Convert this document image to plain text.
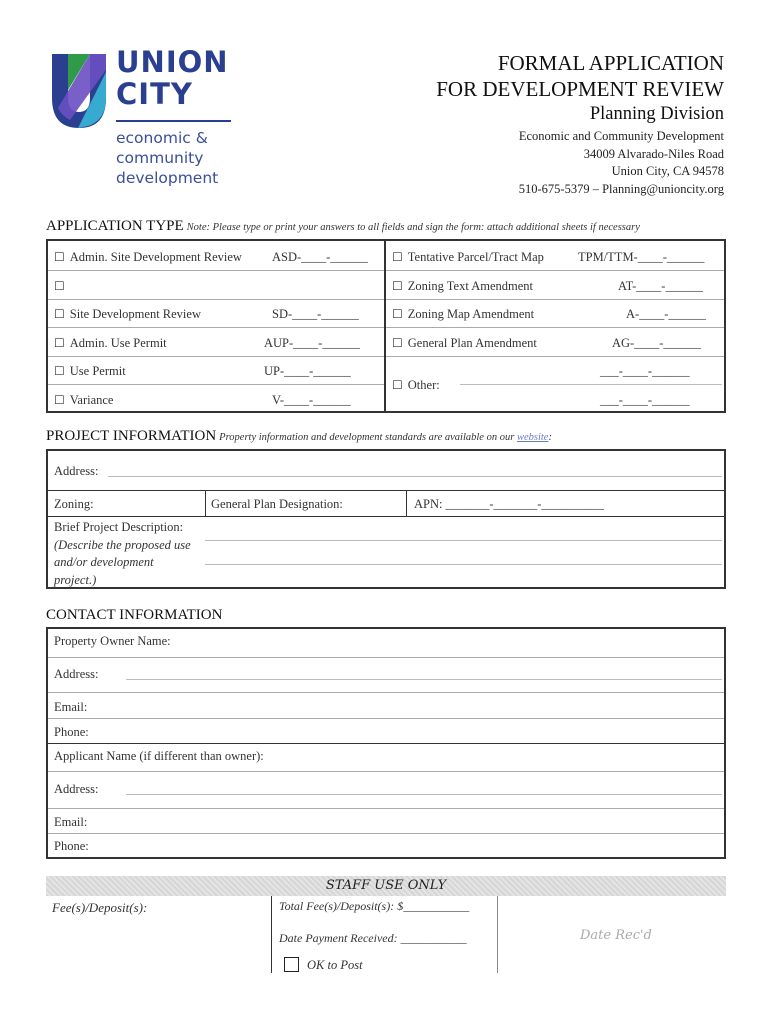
UNION
CITY
economic &
community
development
FORMAL APPLICATION
FOR DEVELOPMENT REVIEW
Planning Division
Economic and Community Development
34009 Alvarado-Niles Road
Union City, CA 94578
510-675-5379 – Planning@unioncity.org
APPLICATION TYPE Note: Please type or print your answers to all fields and sign the form: attach additional sheets if necessary
☐ Admin. Site Development Review ASD-____-______
☐
☐ Site Development Review	SD-____-______
☐ Admin. Use Permit	AUP-____-______
☐ Use Permit	UP-____-______
☐ Variance	V-____-______
☐ Tentative Parcel/Tract Map	TPM/TTM-____-______
☐ Zoning Text Amendment	AT-____-______
☐ Zoning Map Amendment	A-____-______
☐ General Plan Amendment	AG-____-______
☐ Other:
___-____-______
___-____-______
PROJECT INFORMATION Property information and development standards are available on our website:
Address:
Zoning:	General Plan Designation:	APN: _______-_______-__________
Brief Project Description:
(Describe the proposed use
and/or development
project.)
CONTACT INFORMATION
Property Owner Name:
Address:
Email:
Phone:
Applicant Name (if different than owner):
Address:
Email:
Phone:
STAFF USE ONLY
Fee(s)/Deposit(s):	Total Fee(s)/Deposit(s): $___________
Date Payment Received: ___________
OK to Post
Date Rec'd
